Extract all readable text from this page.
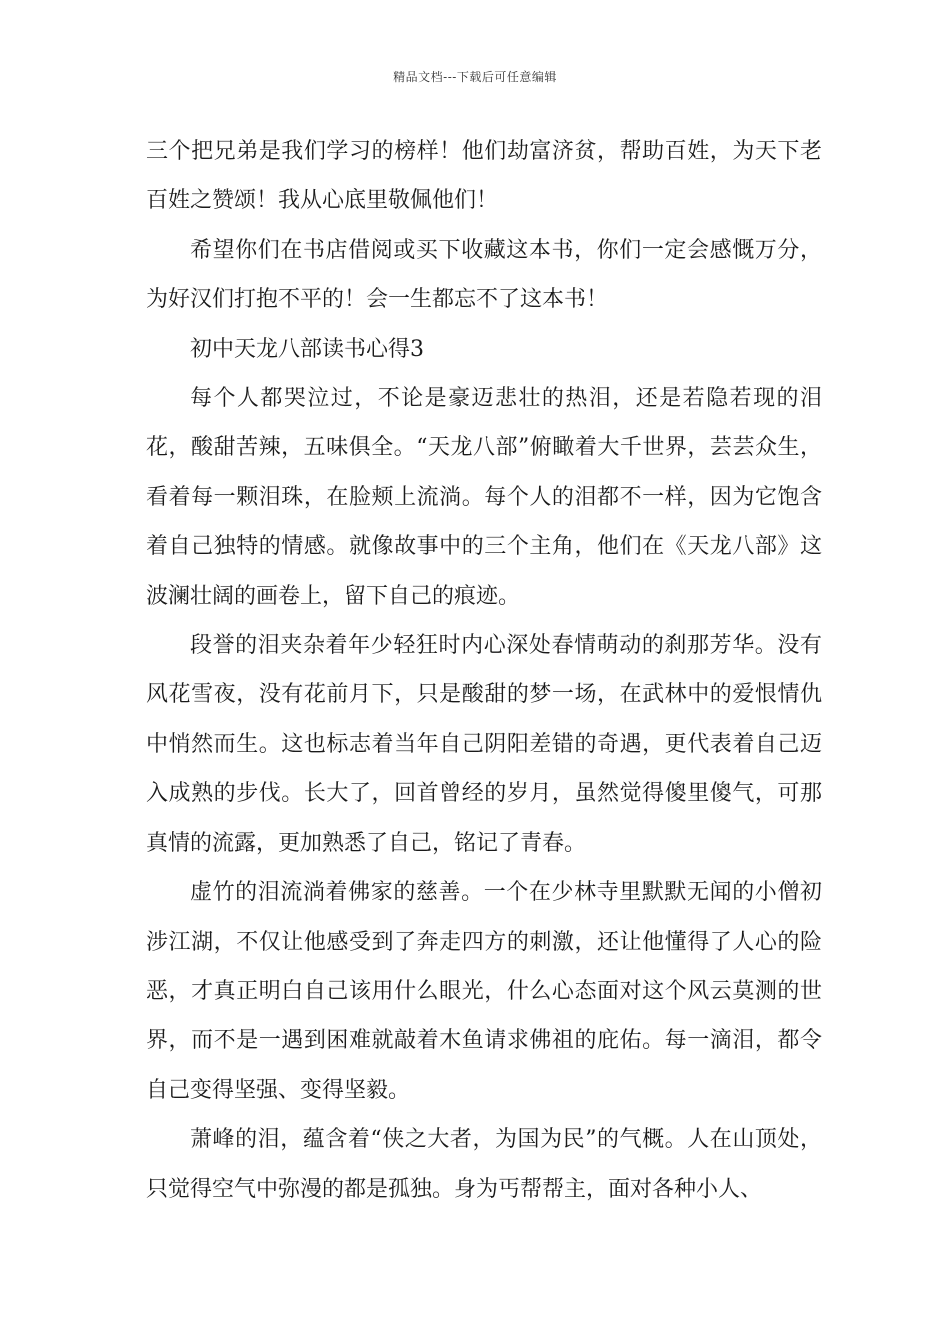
精品文档---下载后可任意编辑

三个把兄弟是我们学习的榜样！他们劫富济贫，帮助百姓，为天下老百姓之赞颂！我从心底里敬佩他们！

希望你们在书店借阅或买下收藏这本书，你们一定会感慨万分，为好汉们打抱不平的！会一生都忘不了这本书！

初中天龙八部读书心得3

每个人都哭泣过，不论是豪迈悲壮的热泪，还是若隐若现的泪花，酸甜苦辣，五味俱全。“天龙八部”俯瞰着大千世界，芸芸众生，看着每一颗泪珠，在脸颊上流淌。每个人的泪都不一样，因为它饱含着自己独特的情感。就像故事中的三个主角，他们在《天龙八部》这波澜壮阔的画卷上，留下自己的痕迹。

段誉的泪夹杂着年少轻狂时内心深处春情萌动的刹那芳华。没有风花雪夜，没有花前月下，只是酸甜的梦一场，在武林中的爱恨情仇中悄然而生。这也标志着当年自己阴阳差错的奇遇，更代表着自己迈入成熟的步伐。长大了，回首曾经的岁月，虽然觉得傻里傻气，可那真情的流露，更加熟悉了自己，铭记了青春。

虚竹的泪流淌着佛家的慈善。一个在少林寺里默默无闻的小僧初涉江湖，不仅让他感受到了奔走四方的刺激，还让他懂得了人心的险恶，才真正明白自己该用什么眼光，什么心态面对这个风云莫测的世界，而不是一遇到困难就敲着木鱼请求佛祖的庇佑。每一滴泪，都令自己变得坚强、变得坚毅。

萧峰的泪，蕴含着“侠之大者，为国为民”的气概。人在山顶处，只觉得空气中弥漫的都是孤独。身为丐帮帮主，面对各种小人、
